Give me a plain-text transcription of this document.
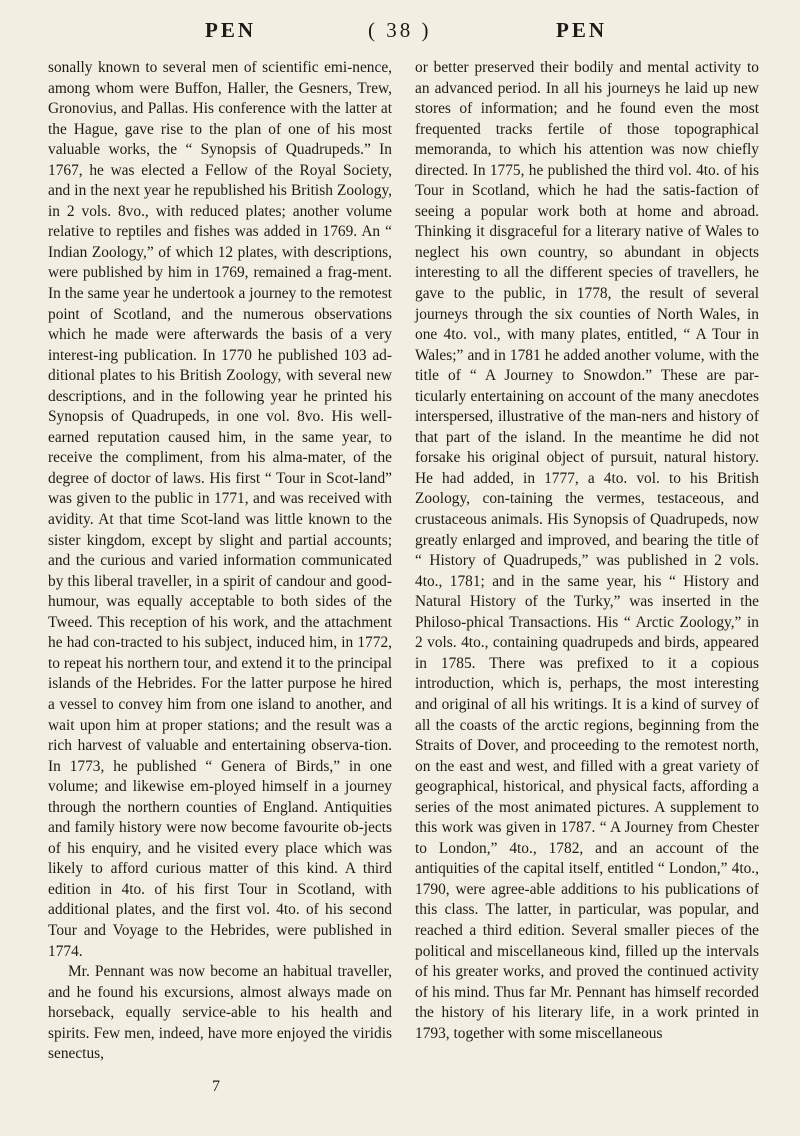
PEN	( 38 )	PEN

sonally known to several men of scientific emi-nence, among whom were Buffon, Haller, the Gesners, Trew, Gronovius, and Pallas. His conference with the latter at the Hague, gave rise to the plan of one of his most valuable works, the “ Synopsis of Quadrupeds.” In 1767, he was elected a Fellow of the Royal Society, and in the next year he republished his British Zoology, in 2 vols. 8vo., with reduced plates; another volume relative to reptiles and fishes was added in 1769. An “ Indian Zoology,” of which 12 plates, with descriptions, were published by him in 1769, remained a frag-ment. In the same year he undertook a journey to the remotest point of Scotland, and the numerous observations which he made were afterwards the basis of a very interest-ing publication. In 1770 he published 103 ad-ditional plates to his British Zoology, with several new descriptions, and in the following year he printed his Synopsis of Quadrupeds, in one vol. 8vo. His well-earned reputation caused him, in the same year, to receive the compliment, from his alma-mater, of the degree of doctor of laws. His first “ Tour in Scot-land” was given to the public in 1771, and was received with avidity. At that time Scot-land was little known to the sister kingdom, except by slight and partial accounts; and the curious and varied information communicated by this liberal traveller, in a spirit of candour and good-humour, was equally acceptable to both sides of the Tweed. This reception of his work, and the attachment he had con-tracted to his subject, induced him, in 1772, to repeat his northern tour, and extend it to the principal islands of the Hebrides. For the latter purpose he hired a vessel to convey him from one island to another, and wait upon him at proper stations; and the result was a rich harvest of valuable and entertaining observa-tion. In 1773, he published “ Genera of Birds,” in one volume; and likewise em-ployed himself in a journey through the northern counties of England. Antiquities and family history were now become favourite ob-jects of his enquiry, and he visited every place which was likely to afford curious matter of this kind. A third edition in 4to. of his first Tour in Scotland, with additional plates, and the first vol. 4to. of his second Tour and Voyage to the Hebrides, were published in 1774.

Mr. Pennant was now become an habitual traveller, and he found his excursions, almost always made on horseback, equally service-able to his health and spirits. Few men, indeed, have more enjoyed the viridis senectus,

or better preserved their bodily and mental activity to an advanced period. In all his journeys he laid up new stores of information; and he found even the most frequented tracks fertile of those topographical memoranda, to which his attention was now chiefly directed. In 1775, he published the third vol. 4to. of his Tour in Scotland, which he had the satis-faction of seeing a popular work both at home and abroad. Thinking it disgraceful for a literary native of Wales to neglect his own country, so abundant in objects interesting to all the different species of travellers, he gave to the public, in 1778, the result of several journeys through the six counties of North Wales, in one 4to. vol., with many plates, entitled, “ A Tour in Wales;” and in 1781 he added another volume, with the title of “ A Journey to Snowdon.” These are par-ticularly entertaining on account of the many anecdotes interspersed, illustrative of the man-ners and history of that part of the island. In the meantime he did not forsake his original object of pursuit, natural history. He had added, in 1777, a 4to. vol. to his British Zoology, con-taining the vermes, testaceous, and crustaceous animals. His Synopsis of Quadrupeds, now greatly enlarged and improved, and bearing the title of “ History of Quadrupeds,” was published in 2 vols. 4to., 1781; and in the same year, his “ History and Natural History of the Turky,” was inserted in the Philoso-phical Transactions. His “ Arctic Zoology,” in 2 vols. 4to., containing quadrupeds and birds, appeared in 1785. There was prefixed to it a copious introduction, which is, perhaps, the most interesting and original of all his writings. It is a kind of survey of all the coasts of the arctic regions, beginning from the Straits of Dover, and proceeding to the remotest north, on the east and west, and filled with a great variety of geographical, historical, and physical facts, affording a series of the most animated pictures. A supplement to this work was given in 1787. “ A Journey from Chester to London,” 4to., 1782, and an account of the antiquities of the capital itself, entitled “ London,” 4to., 1790, were agree-able additions to his publications of this class. The latter, in particular, was popular, and reached a third edition. Several smaller pieces of the political and miscellaneous kind, filled up the intervals of his greater works, and proved the continued activity of his mind. Thus far Mr. Pennant has himself recorded the history of his literary life, in a work printed in 1793, together with some miscellaneous

7
